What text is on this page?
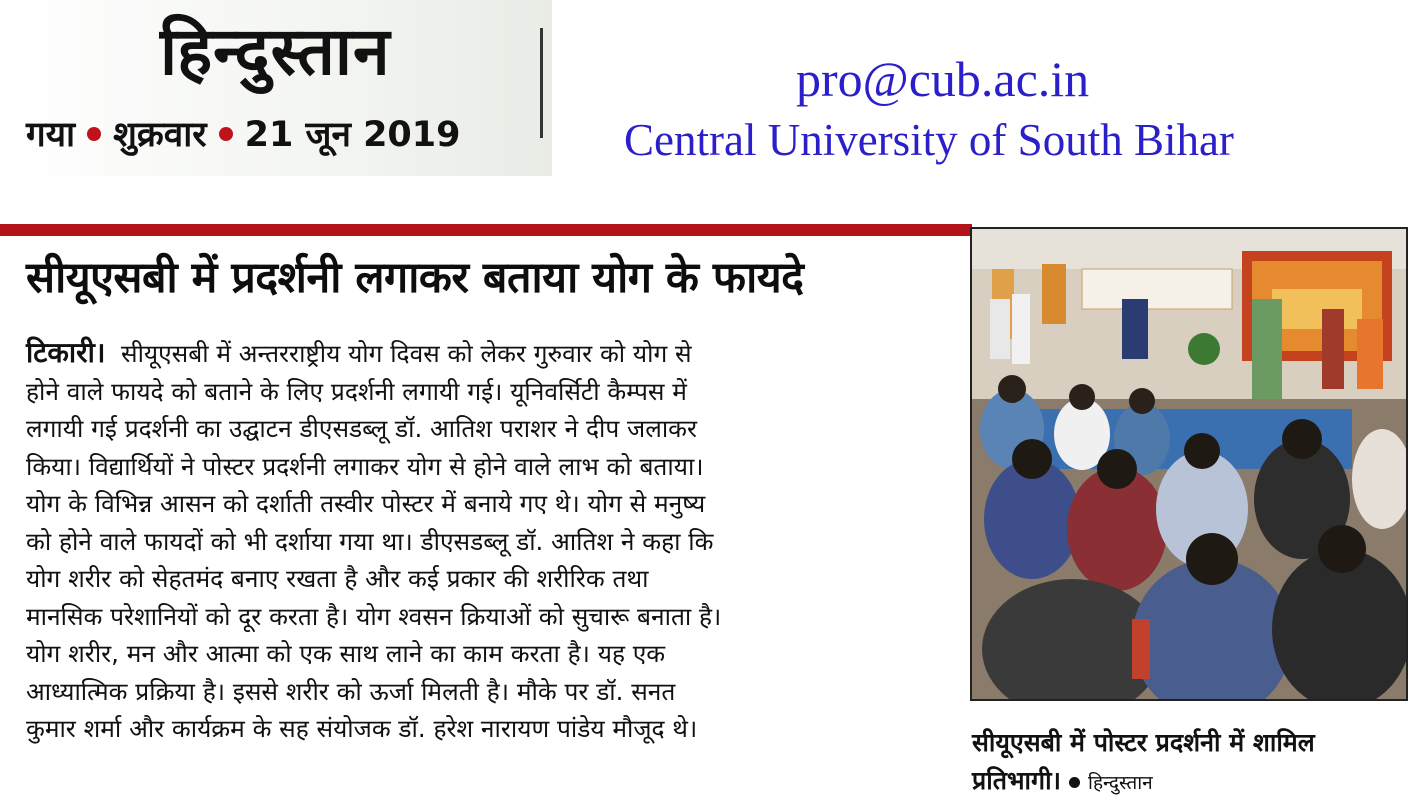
हिन्दुस्तान
गया शुक्रवार 21 जून 2019
pro@cub.ac.in
Central University of South Bihar
सीयूएसबी में प्रदर्शनी लगाकर बताया योग के फायदे
टिकारी। सीयूएसबी में अन्तरराष्ट्रीय योग दिवस को लेकर गुरुवार को योग से
होने वाले फायदे को बताने के लिए प्रदर्शनी लगायी गई। यूनिवर्सिटी कैम्पस में
लगायी गई प्रदर्शनी का उद्घाटन डीएसडब्लू डॉ. आतिश पराशर ने दीप जलाकर
किया। विद्यार्थियों ने पोस्टर प्रदर्शनी लगाकर योग से होने वाले लाभ को बताया।
योग के विभिन्न आसन को दर्शाती तस्वीर पोस्टर में बनाये गए थे। योग से मनुष्य
को होने वाले फायदों को भी दर्शाया गया था। डीएसडब्लू डॉ. आतिश ने कहा कि
योग शरीर को सेहतमंद बनाए रखता है और कई प्रकार की शरीरिक तथा
मानसिक परेशानियों को दूर करता है। योग श्वसन क्रियाओं को सुचारू बनाता है।
योग शरीर, मन और आत्मा को एक साथ लाने का काम करता है। यह एक
आध्यात्मिक प्रक्रिया है। इससे शरीर को ऊर्जा मिलती है। मौके पर डॉ. सनत
कुमार शर्मा और कार्यक्रम के सह संयोजक डॉ. हरेश नारायण पांडेय मौजूद थे।	सीयूएसबी में पोस्टर प्रदर्शनी में शामिल
प्रतिभागी। हिन्दुस्तान
